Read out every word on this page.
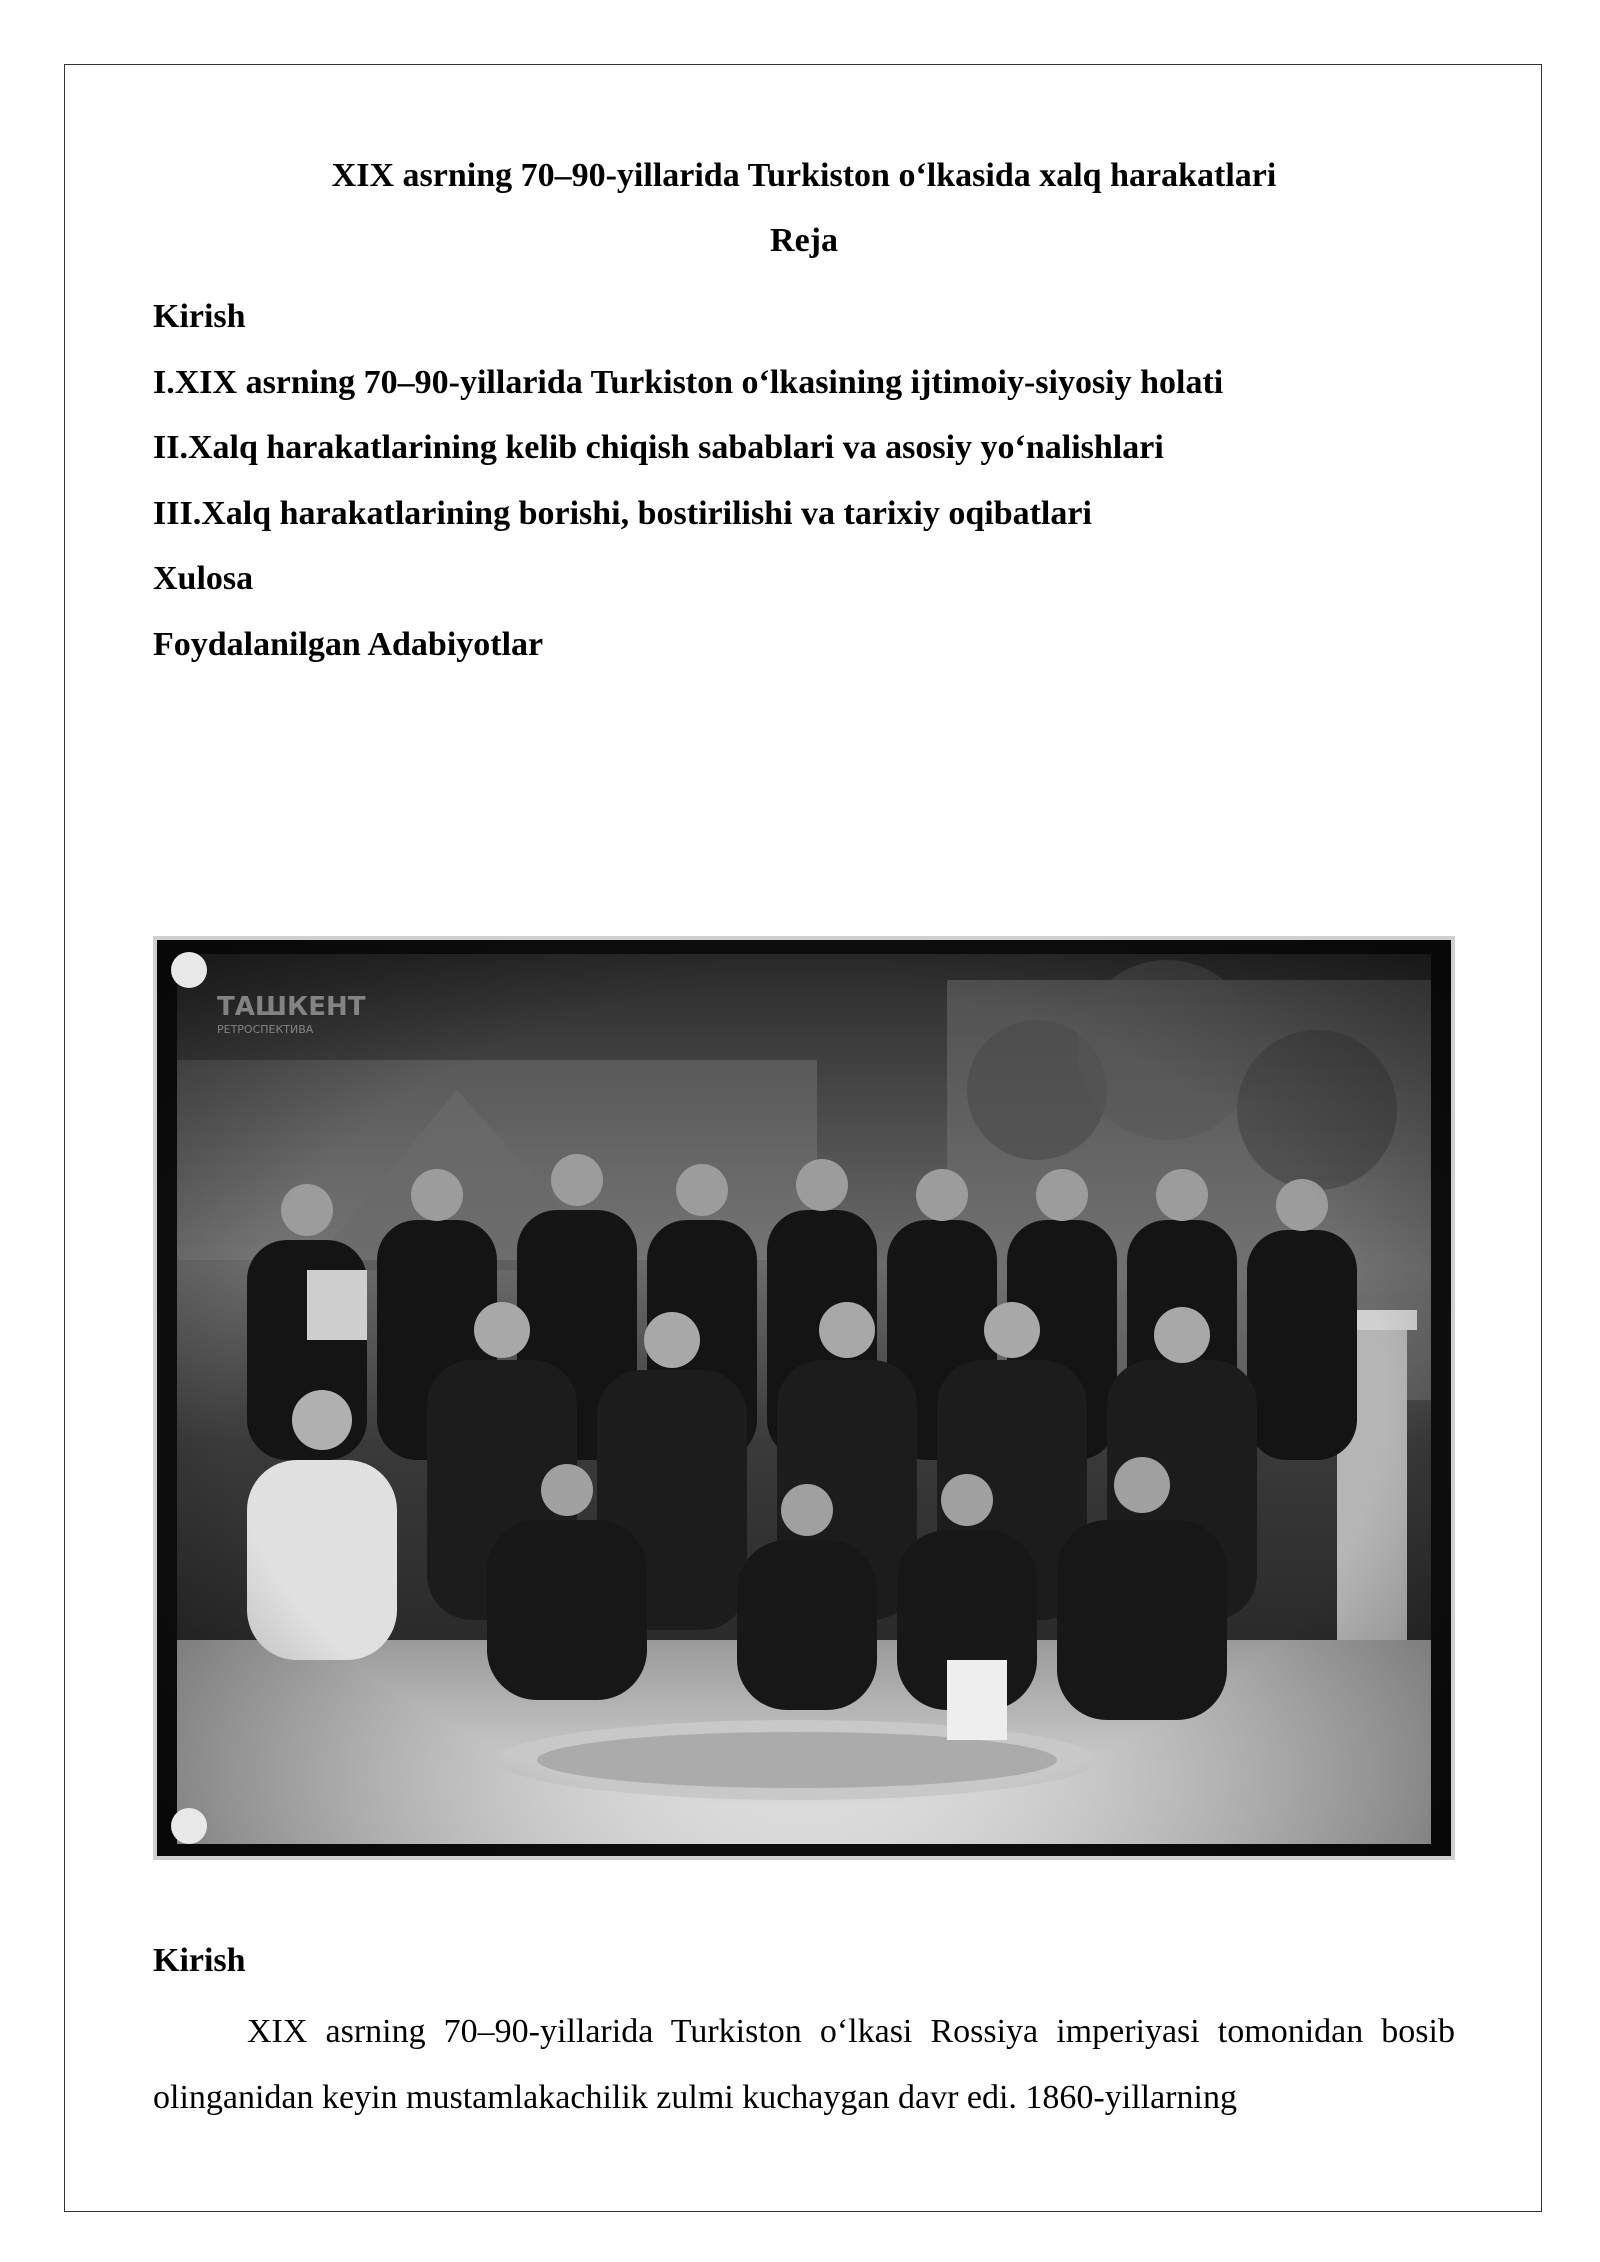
XIX asrning 70–90-yillarida Turkiston o‘lkasida xalq harakatlari
Reja
Kirish
I.XIX asrning 70–90-yillarida Turkiston o‘lkasining ijtimoiy-siyosiy holati
II.Xalq harakatlarining kelib chiqish sabablari va asosiy yo‘nalishlari
III.Xalq harakatlarining borishi, bostirilishi va tarixiy oqibatlari
Xulosa
Foydalanilgan Adabiyotlar
ТАШКЕНТ
РЕТРОСПЕКТИВА
Kirish

XIX asrning 70–90-yillarida Turkiston o‘lkasi Rossiya imperiyasi tomonidan bosib olinganidan keyin mustamlakachilik zulmi kuchaygan davr edi. 1860-yillarning
